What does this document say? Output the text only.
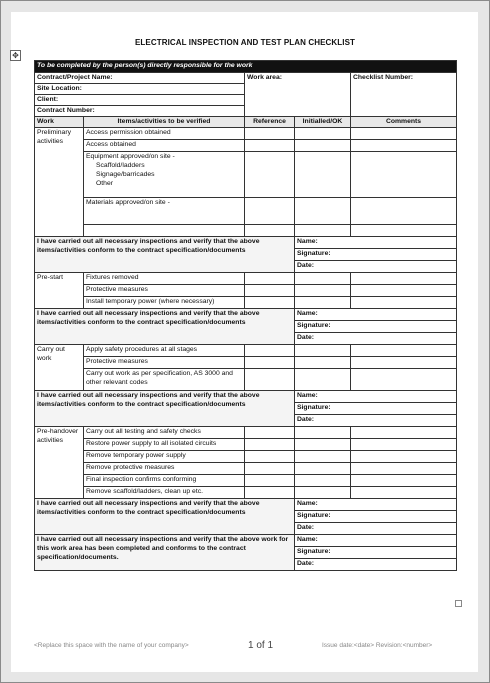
✥
ELECTRICAL INSPECTION AND TEST PLAN CHECKLIST
To be completed by the person(s) directly responsible for the work				
Contract/Project Name:		Work area:		Checklist Number:
Site Location:				
Client:				
Contract Number:				
Work	Items/activities to be verified	Reference	Initialled/OK	Comments
Preliminary activities	Access permission obtained			
	Access obtained			

	Equipment approved/on site -
Scaffold/ladders
Signage/barricades
Other			

	Materials approved/on site -			

I have carried out all necessary inspections and verify that the above items/activities conform to the contract specification/documents			Name:	
			Signature:	
			Date:	
Pre-start	Fixtures removed			
	Protective measures			
	Install temporary power (where necessary)			
I have carried out all necessary inspections and verify that the above items/activities conform to the contract specification/documents			Name:	
			Signature:	
			Date:	
Carry out work	Apply safety procedures at all stages			
	Protective measures			
	Carry out work as per specification, AS 3000 and other relevant codes			
I have carried out all necessary inspections and verify that the above items/activities conform to the contract specification/documents			Name:	
			Signature:	
			Date:	
Pre-handover activities	Carry out all testing and safety checks			
	Restore power supply to all isolated circuits			
	Remove temporary power supply			
	Remove protective measures			
	Final inspection confirms conforming			
	Remove scaffold/ladders, clean up etc.			
I have carried out all necessary inspections and verify that the above items/activities conform to the contract specification/documents			Name:	
			Signature:	
			Date:	
I have carried out all necessary inspections and verify that the above work for this work area has been completed and conforms to the contract specification/documents.			Name:	
			Signature:	
			Date:	
<Replace this space with the name of your company>	1 of 1	Issue date:<date> Revision:<number>
